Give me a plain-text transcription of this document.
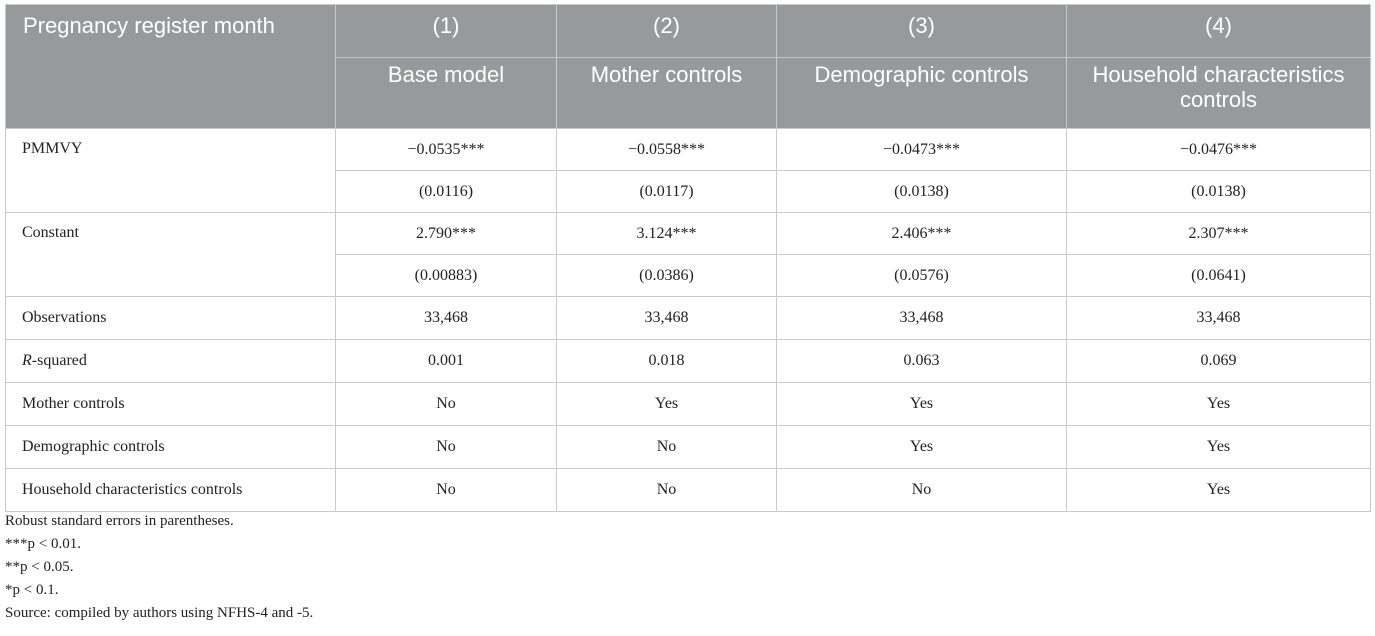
Pregnancy register month	(1)	(2)	(3)	(4)
	Base model	Mother controls	Demographic controls	Household characteristics controls
PMMVY	−0.0535***	−0.0558***	−0.0473***	−0.0476***
	(0.0116)	(0.0117)	(0.0138)	(0.0138)
Constant	2.790***	3.124***	2.406***	2.307***
	(0.00883)	(0.0386)	(0.0576)	(0.0641)
Observations	33,468	33,468	33,468	33,468
R-squared	0.001	0.018	0.063	0.069
Mother controls	No	Yes	Yes	Yes
Demographic controls	No	No	Yes	Yes
Household characteristics controls	No	No	No	Yes
Robust standard errors in parentheses.
***p < 0.01.
**p < 0.05.
*p < 0.1.
Source: compiled by authors using NFHS-4 and -5.
